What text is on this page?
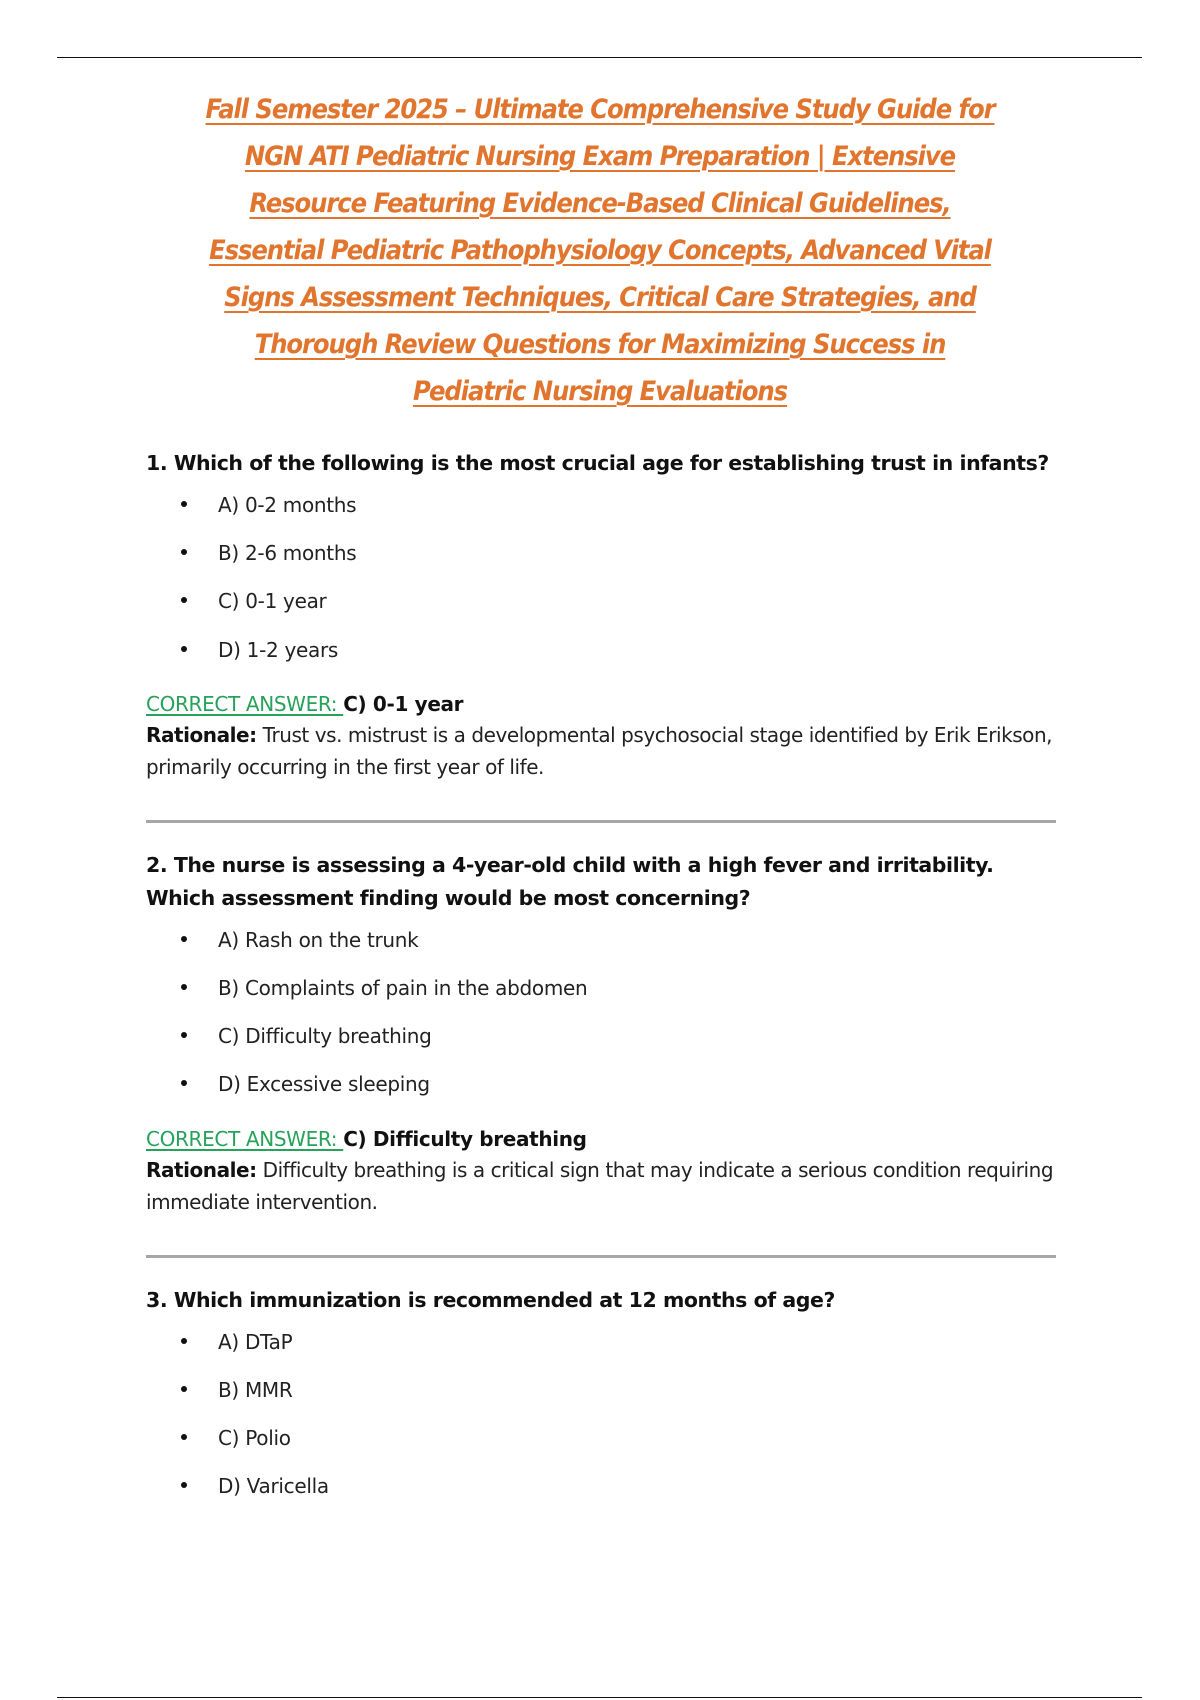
Fall Semester 2025 – Ultimate Comprehensive Study Guide for NGN ATI Pediatric Nursing Exam Preparation | Extensive Resource Featuring Evidence-Based Clinical Guidelines, Essential Pediatric Pathophysiology Concepts, Advanced Vital Signs Assessment Techniques, Critical Care Strategies, and Thorough Review Questions for Maximizing Success in Pediatric Nursing Evaluations

1. Which of the following is the most crucial age for establishing trust in infants?

A) 0-2 months
B) 2-6 months
C) 0-1 year
D) 1-2 years

CORRECT ANSWER: C) 0-1 year

Rationale: Trust vs. mistrust is a developmental psychosocial stage identified by Erik Erikson, primarily occurring in the first year of life.

2. The nurse is assessing a 4-year-old child with a high fever and irritability. Which assessment finding would be most concerning?

A) Rash on the trunk
B) Complaints of pain in the abdomen
C) Difficulty breathing
D) Excessive sleeping

CORRECT ANSWER: C) Difficulty breathing

Rationale: Difficulty breathing is a critical sign that may indicate a serious condition requiring immediate intervention.

3. Which immunization is recommended at 12 months of age?

A) DTaP
B) MMR
C) Polio
D) Varicella
